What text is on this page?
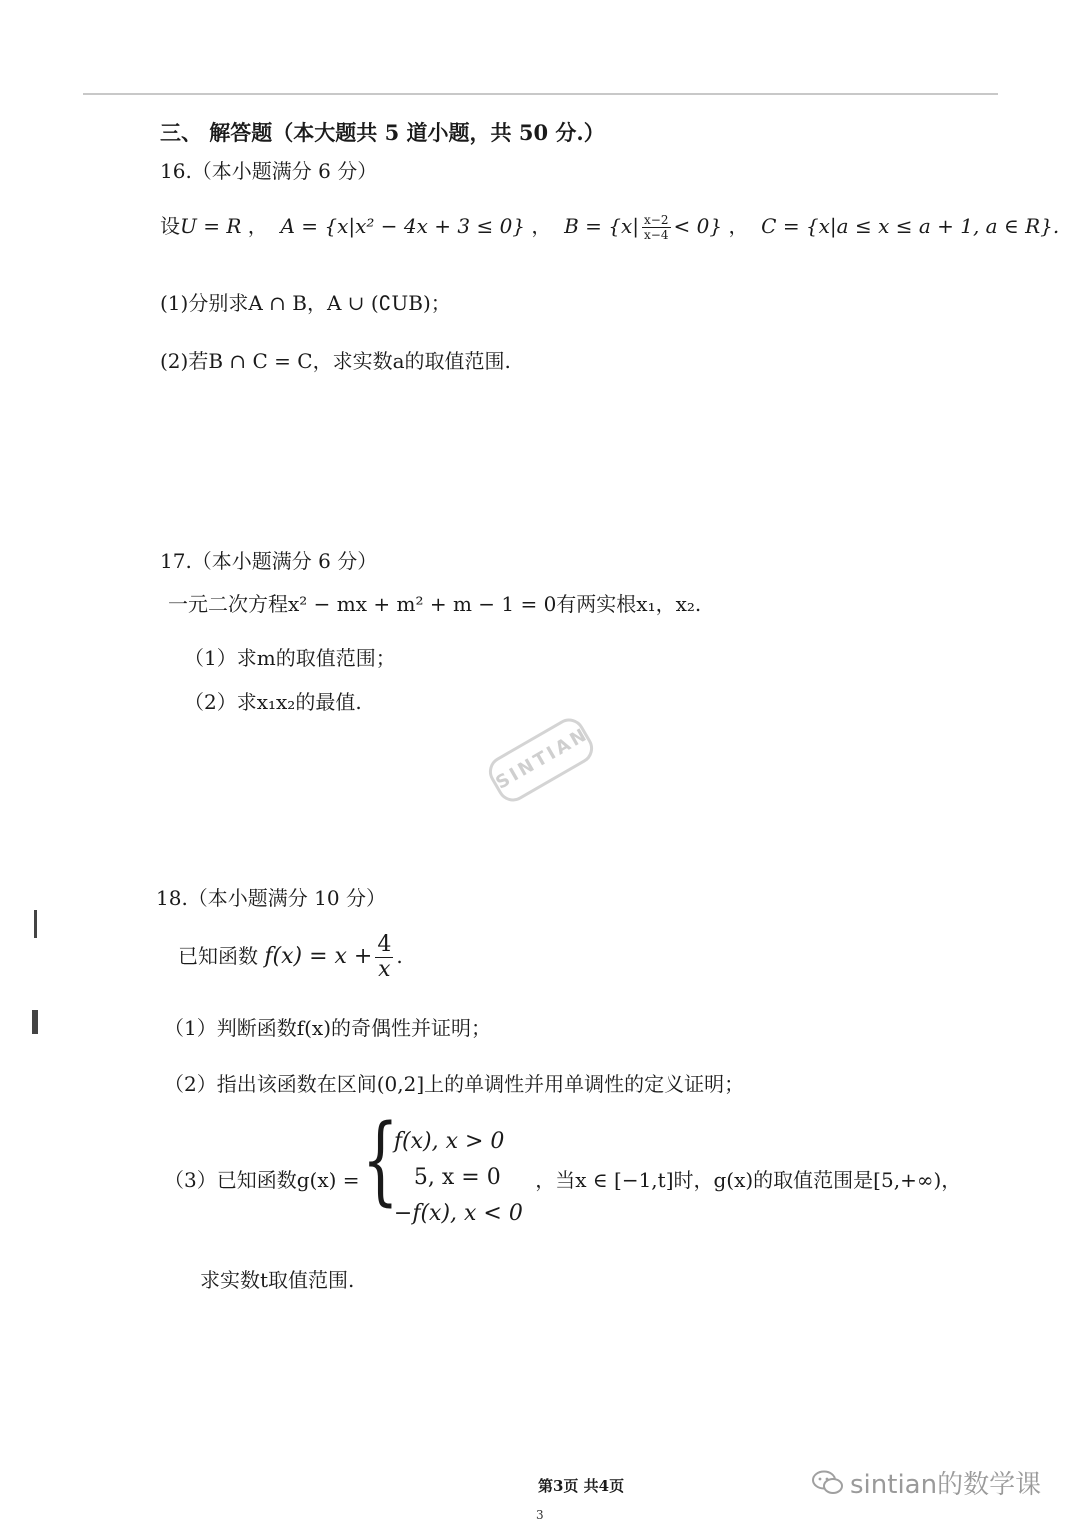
三、 解答题（本大题共 5 道小题，共 50 分.）
16.（本小题满分 6 分）
设U = R ， A = {x|x² − 4x + 3 ≤ 0} ， $B = \{x| \frac{x-2}{x-4} < 0\}$ ， C = {x|a ≤ x ≤ a + 1, a ∈ R}.
(1)分别求A ∩ B，A ∪ (∁UB)；
(2)若B ∩ C = C，求实数a的取值范围.
17.（本小题满分 6 分）
一元二次方程x² − mx + m² + m − 1 = 0有两实根x₁，x₂.
（1）求m的取值范围；
（2）求x₁x₂的最值.
SINTIAN
18.（本小题满分 10 分）
已知函数 $f(x) = x + \frac{4}{x}$ .
（1）判断函数f(x)的奇偶性并证明；
（2）指出该函数在区间(0,2]上的单调性并用单调性的定义证明；
（3）已知函数g(x) = {
f(x), x > 0
5, x = 0
−f(x), x < 0
，当x ∈ [−1,t]时，g(x)的取值范围是[5,+∞)，
求实数t取值范围.
第3页 共4页
3
sintian的数学课
